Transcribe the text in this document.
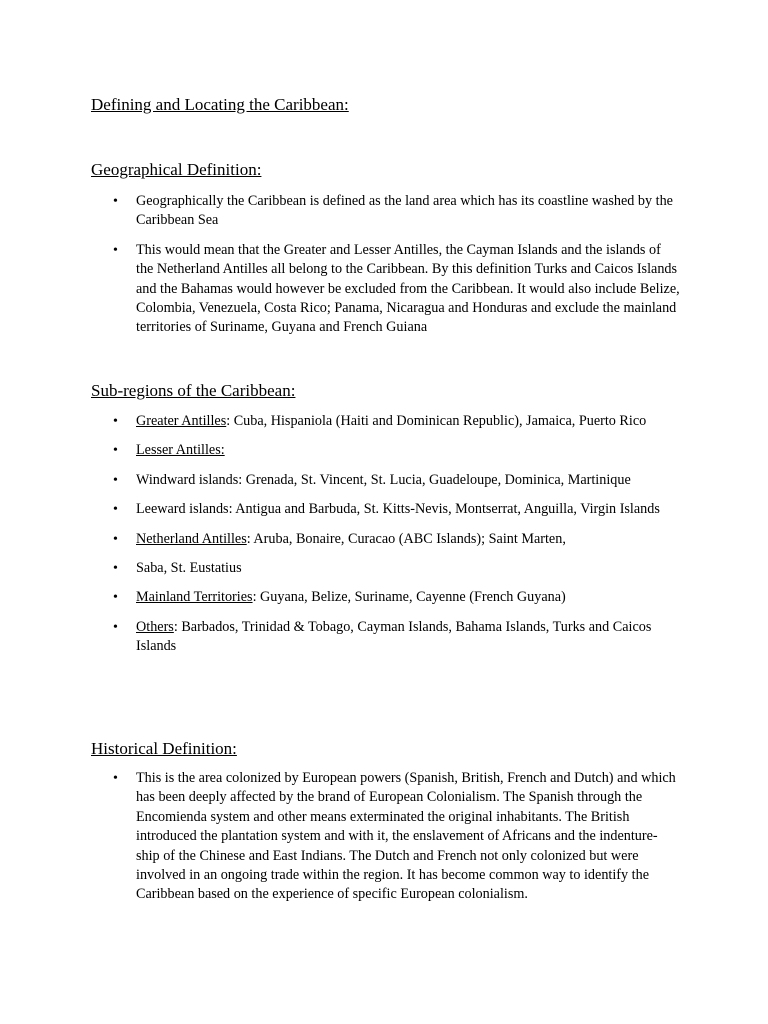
Defining and Locating the Caribbean:
Geographical Definition:
• Geographically the Caribbean is defined as the land area which has its coastline washed by the Caribbean Sea
• This would mean that the Greater and Lesser Antilles, the Cayman Islands and the islands of the Netherland Antilles all belong to the Caribbean. By this definition Turks and Caicos Islands and the Bahamas would however be excluded from the Caribbean. It would also include Belize, Colombia, Venezuela, Costa Rico; Panama, Nicaragua and Honduras and exclude the mainland territories of Suriname, Guyana and French Guiana
Sub-regions of the Caribbean:
• Greater Antilles: Cuba, Hispaniola (Haiti and Dominican Republic), Jamaica, Puerto Rico
• Lesser Antilles:
• Windward islands: Grenada, St. Vincent, St. Lucia, Guadeloupe, Dominica, Martinique
• Leeward islands: Antigua and Barbuda, St. Kitts-Nevis, Montserrat, Anguilla, Virgin Islands
• Netherland Antilles: Aruba, Bonaire, Curacao (ABC Islands); Saint Marten,
• Saba, St. Eustatius
• Mainland Territories: Guyana, Belize, Suriname, Cayenne (French Guyana)
• Others: Barbados, Trinidad & Tobago, Cayman Islands, Bahama Islands, Turks and Caicos Islands
Historical Definition:
• This is the area colonized by European powers (Spanish, British, French and Dutch) and which has been deeply affected by the brand of European Colonialism. The Spanish through the Encomienda system and other means exterminated the original inhabitants. The British introduced the plantation system and with it, the enslavement of Africans and the indenture-ship of the Chinese and East Indians. The Dutch and French not only colonized but were involved in an ongoing trade within the region. It has become common way to identify the Caribbean based on the experience of specific European colonialism.
